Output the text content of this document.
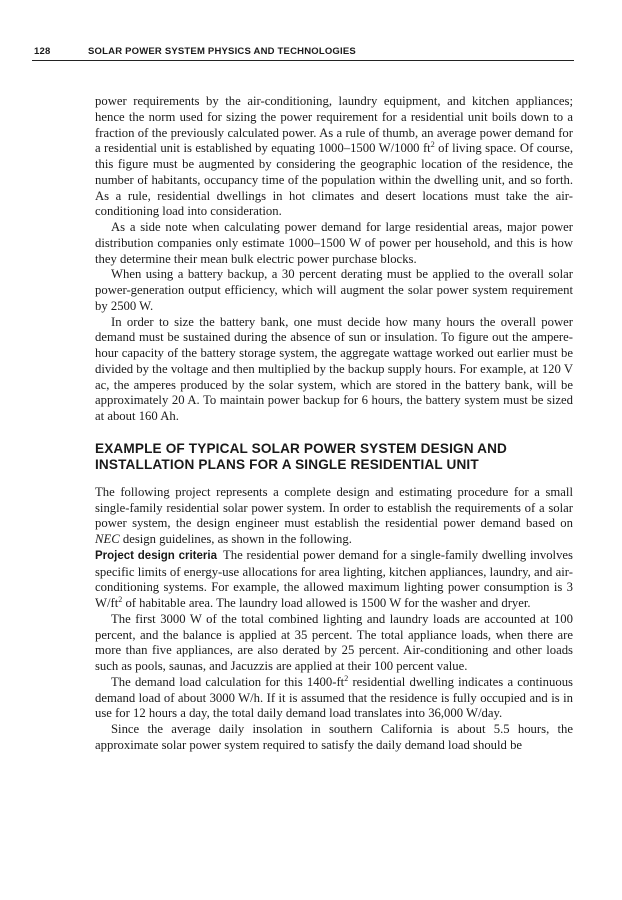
128	SOLAR POWER SYSTEM PHYSICS AND TECHNOLOGIES

power requirements by the air-conditioning, laundry equipment, and kitchen appliances; hence the norm used for sizing the power requirement for a residential unit boils down to a fraction of the previously calculated power. As a rule of thumb, an average power demand for a residential unit is established by equating 1000–1500 W/1000 $ft^2$ of living space. Of course, this figure must be augmented by considering the geographic location of the residence, the number of habitants, occupancy time of the population within the dwelling unit, and so forth. As a rule, residential dwellings in hot climates and desert locations must take the air-conditioning load into consideration.

As a side note when calculating power demand for large residential areas, major power distribution companies only estimate 1000–1500 W of power per household, and this is how they determine their mean bulk electric power purchase blocks.

When using a battery backup, a 30 percent derating must be applied to the overall solar power-generation output efficiency, which will augment the solar power system requirement by 2500 W.

In order to size the battery bank, one must decide how many hours the overall power demand must be sustained during the absence of sun or insulation. To figure out the ampere-hour capacity of the battery storage system, the aggregate wattage worked out earlier must be divided by the voltage and then multiplied by the backup supply hours. For example, at 120 V ac, the amperes produced by the solar system, which are stored in the battery bank, will be approximately 20 A. To maintain power backup for 6 hours, the battery system must be sized at about 160 Ah.

EXAMPLE OF TYPICAL SOLAR POWER SYSTEM DESIGN AND
INSTALLATION PLANS FOR A SINGLE RESIDENTIAL UNIT

The following project represents a complete design and estimating procedure for a small single-family residential solar power system. In order to establish the requirements of a solar power system, the design engineer must establish the residential power demand based on NEC design guidelines, as shown in the following.

Project design criteria The residential power demand for a single-family dwelling involves specific limits of energy-use allocations for area lighting, kitchen appliances, laundry, and air-conditioning systems. For example, the allowed maximum lighting power consumption is 3 $W/ft^2$ of habitable area. The laundry load allowed is 1500 W for the washer and dryer.

The first 3000 W of the total combined lighting and laundry loads are accounted at 100 percent, and the balance is applied at 35 percent. The total appliance loads, when there are more than five appliances, are also derated by 25 percent. Air-conditioning and other loads such as pools, saunas, and Jacuzzis are applied at their 100 percent value.

The demand load calculation for this $1400-ft^2$ residential dwelling indicates a continuous demand load of about 3000 W/h. If it is assumed that the residence is fully occupied and is in use for 12 hours a day, the total daily demand load translates into 36,000 W/day.

Since the average daily insolation in southern California is about 5.5 hours, the approximate solar power system required to satisfy the daily demand load should be
